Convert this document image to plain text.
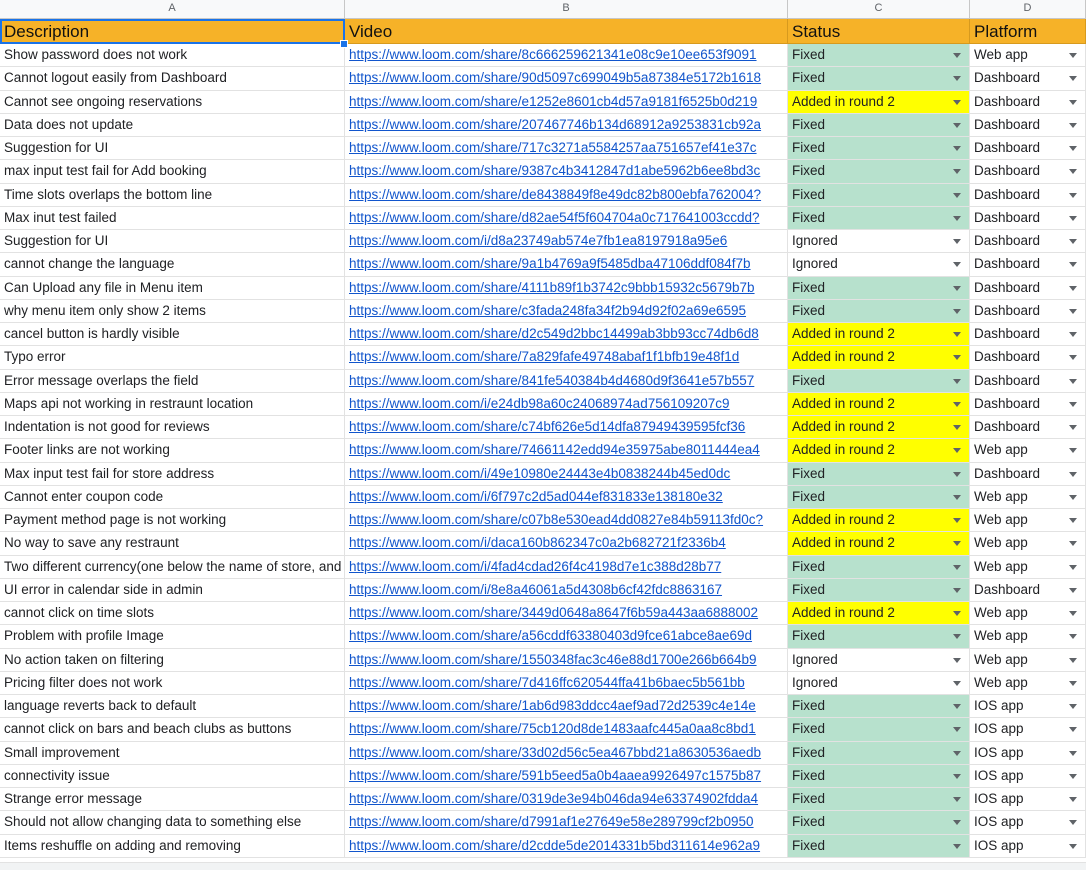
A	B	C	D
Description	Video	Status	Platform
Show password does not work	https://www.loom.com/share/8c666259621341e08c9e10ee653f9091	Fixed	Web app
Cannot logout easily from Dashboard	https://www.loom.com/share/90d5097c699049b5a87384e5172b1618	Fixed	Dashboard
Cannot see ongoing reservations	https://www.loom.com/share/e1252e8601cb4d57a9181f6525b0d219	Added in round 2	Dashboard
Data does not update	https://www.loom.com/share/207467746b134d68912a9253831cb92a	Fixed	Dashboard
Suggestion for UI	https://www.loom.com/share/717c3271a5584257aa751657ef41e37c	Fixed	Dashboard
max input test fail for Add booking	https://www.loom.com/share/9387c4b3412847d1abe5962b6ee8bd3c	Fixed	Dashboard
Time slots overlaps the bottom line	https://www.loom.com/share/de8438849f8e49dc82b800ebfa762004?	Fixed	Dashboard
Max inut test failed	https://www.loom.com/share/d82ae54f5f604704a0c717641003ccdd?	Fixed	Dashboard
Suggestion for UI	https://www.loom.com/i/d8a23749ab574e7fb1ea8197918a95e6	Ignored	Dashboard
cannot change the language	https://www.loom.com/share/9a1b4769a9f5485dba47106ddf084f7b	Ignored	Dashboard
Can Upload any file in Menu item	https://www.loom.com/share/4111b89f1b3742c9bbb15932c5679b7b	Fixed	Dashboard
why menu item only show 2 items	https://www.loom.com/share/c3fada248fa34f2b94d92f02a69e6595	Fixed	Dashboard
cancel button is hardly visible	https://www.loom.com/share/d2c549d2bbc14499ab3bb93cc74db6d8	Added in round 2	Dashboard
Typo error	https://www.loom.com/share/7a829fafe49748abaf1f1bfb19e48f1d	Added in round 2	Dashboard
Error message overlaps the field	https://www.loom.com/share/841fe540384b4d4680d9f3641e57b557	Fixed	Dashboard
Maps api not working in restraunt location	https://www.loom.com/i/e24db98a60c24068974ad756109207c9	Added in round 2	Dashboard
Indentation is not good for reviews	https://www.loom.com/share/c74bf626e5d14dfa87949439595fcf36	Added in round 2	Dashboard
Footer links are not working	https://www.loom.com/share/74661142edd94e35975abe8011444ea4	Added in round 2	Web app
Max input test fail for store address	https://www.loom.com/i/49e10980e24443e4b0838244b45ed0dc	Fixed	Dashboard
Cannot enter coupon code	https://www.loom.com/i/6f797c2d5ad044ef831833e138180e32	Fixed	Web app
Payment method page is not working	https://www.loom.com/share/c07b8e530ead4dd0827e84b59113fd0c?	Added in round 2	Web app
No way to save any restraunt	https://www.loom.com/i/daca160b862347c0a2b682721f2336b4	Added in round 2	Web app
Two different currency(one below the name of store, and https://www.loom.com/i/4fad4cdad26f4c4198d7e1c388d28b77	Fixed	Web app
UI error in calendar side in admin	https://www.loom.com/i/8e8a46061a5d4308b6cf42fdc8863167	Fixed	Dashboard
cannot click on time slots	https://www.loom.com/share/3449d0648a8647f6b59a443aa6888002	Added in round 2	Web app
Problem with profile Image	https://www.loom.com/share/a56cddf63380403d9fce61abce8ae69d	Fixed	Web app
No action taken on filtering	https://www.loom.com/share/1550348fac3c46e88d1700e266b664b9	Ignored	Web app
Pricing filter does not work	https://www.loom.com/share/7d416ffc620544ffa41b6baec5b561bb	Ignored	Web app
language reverts back to default	https://www.loom.com/share/1ab6d983ddcc4aef9ad72d2539c4e14e	Fixed	IOS app
cannot click on bars and beach clubs as buttons	https://www.loom.com/share/75cb120d8de1483aafc445a0aa8c8bd1	Fixed	IOS app
Small improvement	https://www.loom.com/share/33d02d56c5ea467bbd21a8630536aedb	Fixed	IOS app
connectivity issue	https://www.loom.com/share/591b5eed5a0b4aaea9926497c1575b87	Fixed	IOS app
Strange error message	https://www.loom.com/share/0319de3e94b046da94e63374902fdda4	Fixed	IOS app
Should not allow changing data to something else	https://www.loom.com/share/d7991af1e27649e58e289799cf2b0950	Fixed	IOS app
Items reshuffle on adding and removing	https://www.loom.com/share/d2cdde5de2014331b5bd311614e962a9	Fixed	IOS app
